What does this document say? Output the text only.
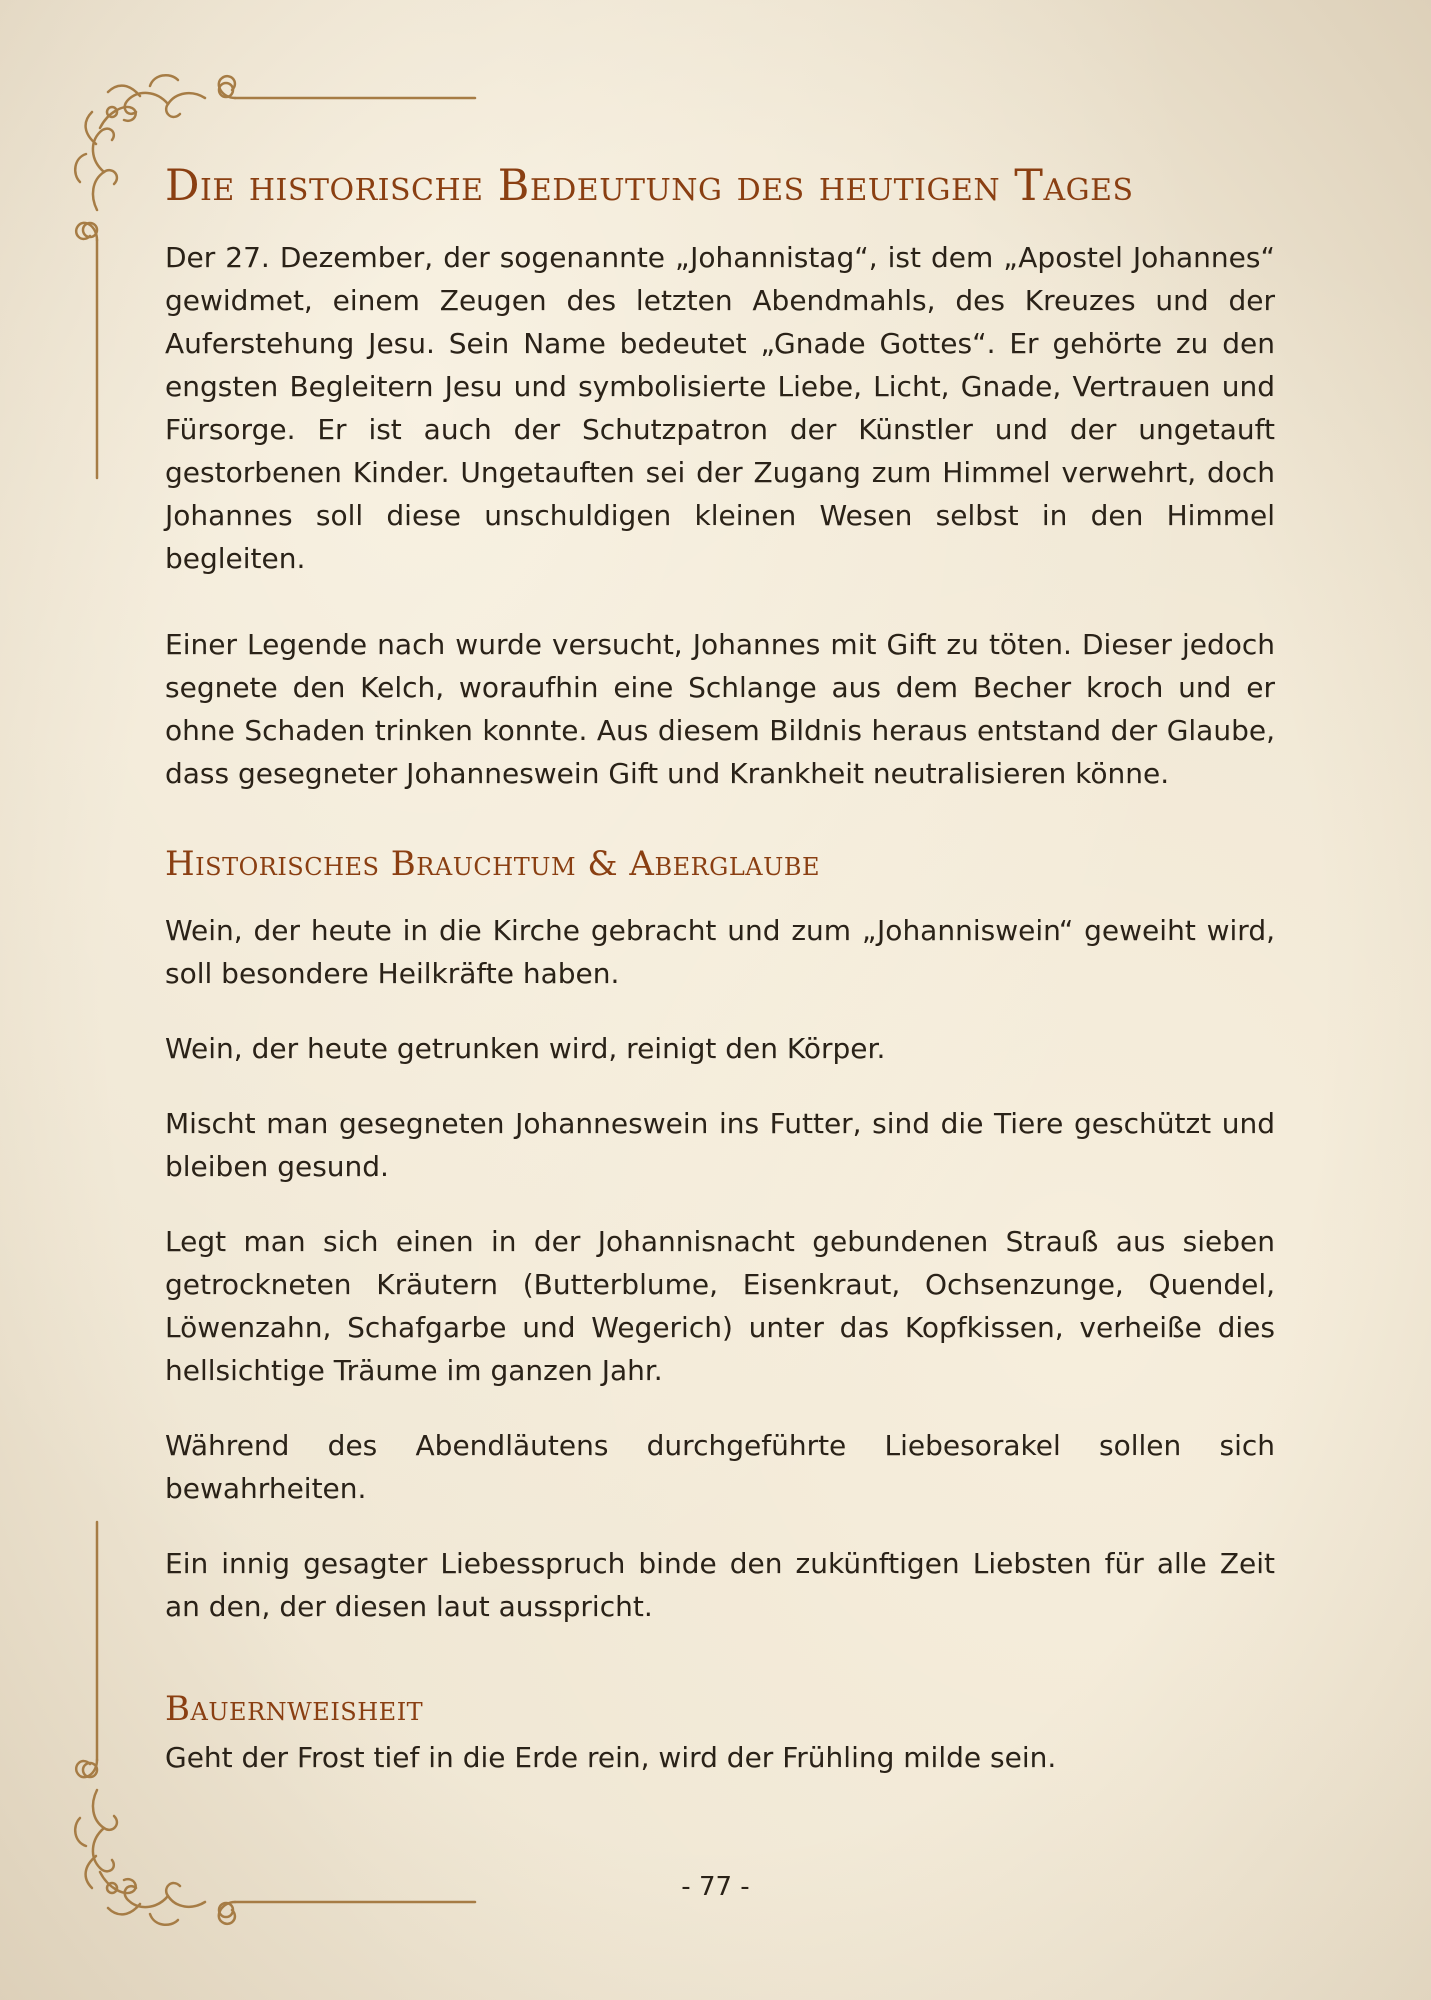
Die historische Bedeutung des heutigen Tages

Der 27. Dezember, der sogenannte „Johannistag“, ist dem „Apostel Johannes“ gewidmet, einem Zeugen des letzten Abendmahls, des Kreuzes und der Auferstehung Jesu. Sein Name bedeutet „Gnade Gottes“. Er gehörte zu den engsten Begleitern Jesu und symbolisierte Liebe, Licht, Gnade, Vertrauen und Fürsorge. Er ist auch der Schutzpatron der Künstler und der ungetauft gestorbenen Kinder. Ungetauften sei der Zugang zum Himmel verwehrt, doch Johannes soll diese unschuldigen kleinen Wesen selbst in den Himmel begleiten.

Einer Legende nach wurde versucht, Johannes mit Gift zu töten. Dieser jedoch segnete den Kelch, woraufhin eine Schlange aus dem Becher kroch und er ohne Schaden trinken konnte. Aus diesem Bildnis heraus entstand der Glaube, dass gesegneter Johanneswein Gift und Krankheit neutralisieren könne.

Historisches Brauchtum & Aberglaube

Wein, der heute in die Kirche gebracht und zum „Johanniswein“ geweiht wird, soll besondere Heilkräfte haben.

Wein, der heute getrunken wird, reinigt den Körper.

Mischt man gesegneten Johanneswein ins Futter, sind die Tiere geschützt und bleiben gesund.

Legt man sich einen in der Johannisnacht gebundenen Strauß aus sieben getrockneten Kräutern (Butterblume, Eisenkraut, Ochsenzunge, Quendel, Löwenzahn, Schafgarbe und Wegerich) unter das Kopfkissen, verheiße dies hellsichtige Träume im ganzen Jahr.

Während des Abendläutens durchgeführte Liebesorakel sollen sich bewahrheiten.

Ein innig gesagter Liebesspruch binde den zukünftigen Liebsten für alle Zeit an den, der diesen laut ausspricht.

Bauernweisheit

Geht der Frost tief in die Erde rein, wird der Frühling milde sein.

- 77 -
